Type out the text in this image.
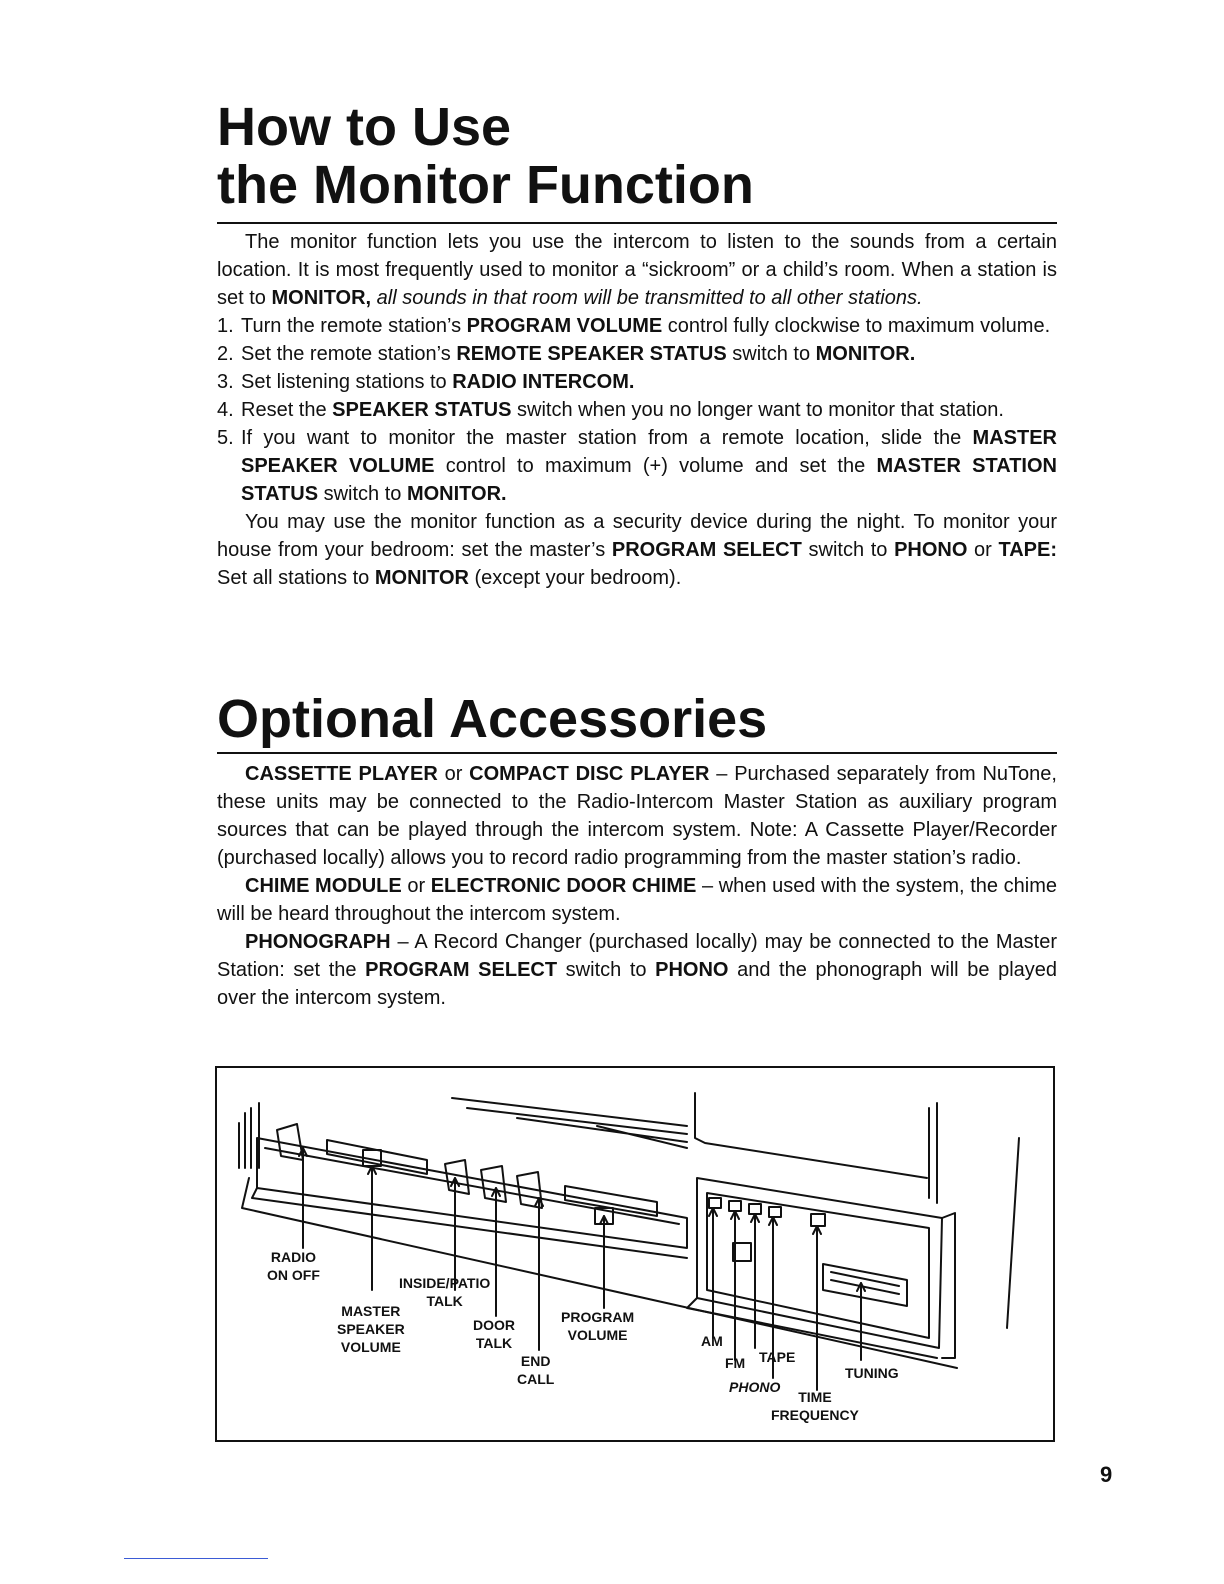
How to Use
the Monitor Function

The monitor function lets you use the intercom to listen to the sounds from a certain location. It is most frequently used to monitor a “sickroom” or a child’s room. When a station is set to MONITOR, all sounds in that room will be transmitted to all other stations.

1. Turn the remote station’s PROGRAM VOLUME control fully clockwise to maximum volume.
2. Set the remote station’s REMOTE SPEAKER STATUS switch to MONITOR.
3. Set listening stations to RADIO INTERCOM.
4. Reset the SPEAKER STATUS switch when you no longer want to monitor that station.
5. If you want to monitor the master station from a remote location, slide the MASTER SPEAKER VOLUME control to maximum (+) volume and set the MASTER STATION STATUS switch to MONITOR.

You may use the monitor function as a security device during the night. To monitor your house from your bedroom: set the master’s PROGRAM SELECT switch to PHONO or TAPE: Set all stations to MONITOR (except your bedroom).

Optional Accessories

CASSETTE PLAYER or COMPACT DISC PLAYER – Purchased separately from NuTone, these units may be connected to the Radio-Intercom Master Station as auxiliary program sources that can be played through the intercom system. Note: A Cassette Player/Recorder (purchased locally) allows you to record radio programming from the master station’s radio.

CHIME MODULE or ELECTRONIC DOOR CHIME – when used with the system, the chime will be heard throughout the intercom system.

PHONOGRAPH – A Record Changer (purchased locally) may be connected to the Master Station: set the PROGRAM SELECT switch to PHONO and the phonograph will be played over the intercom system.

RADIO
ON OFF
MASTER
SPEAKER
VOLUME
INSIDE/PATIO
TALK
DOOR
TALK
END
CALL
PROGRAM
VOLUME	AM
FM TAPE
PHONO
TUNING
TIME
FREQUENCY
9
